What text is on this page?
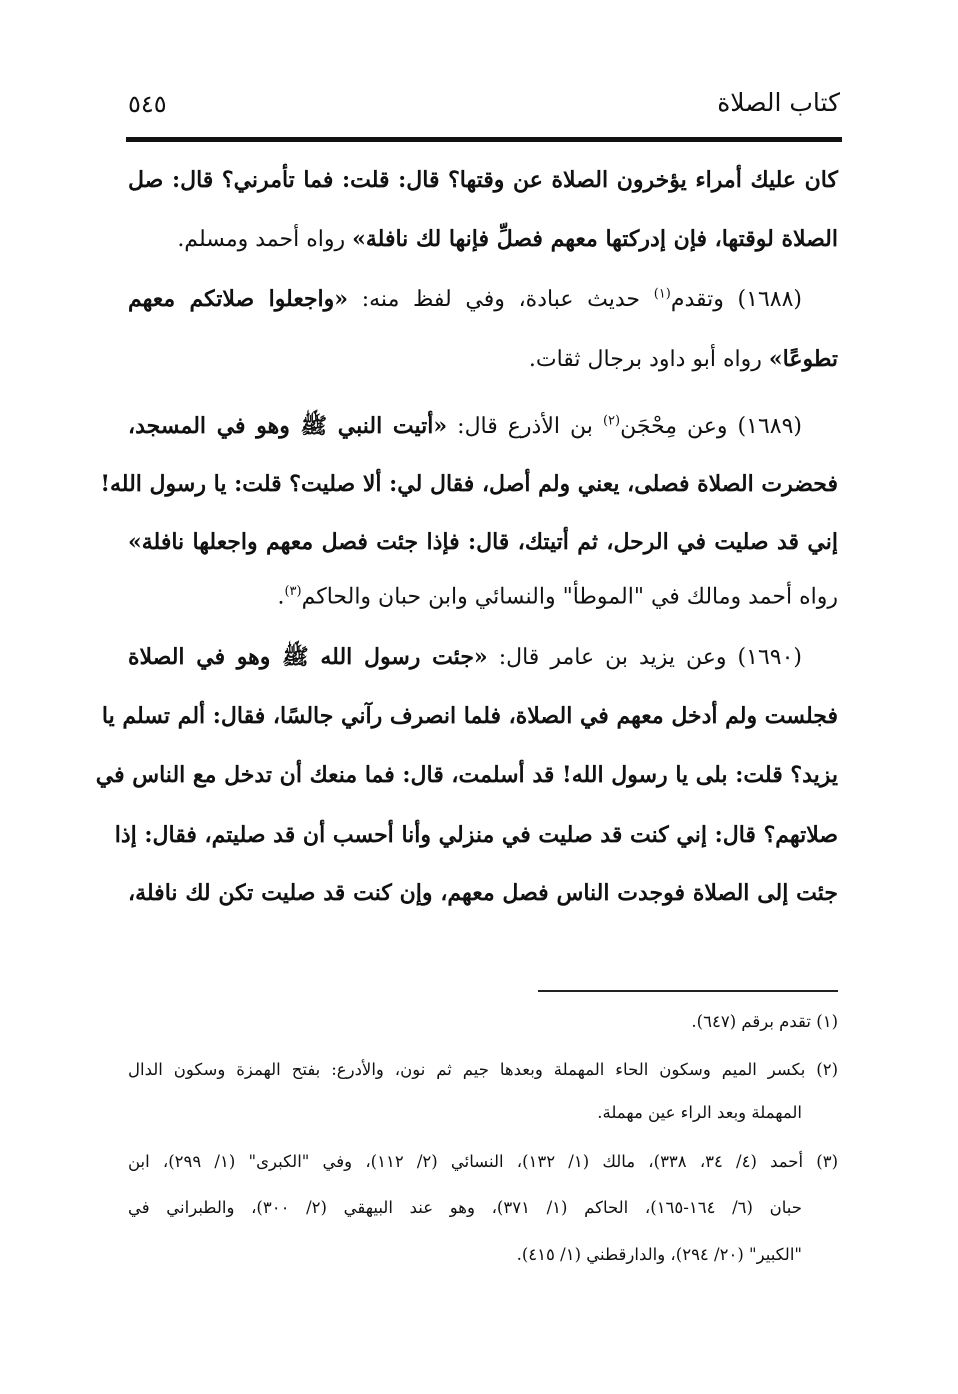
كتاب الصلاة
٥٤٥
كان عليك أمراء يؤخرون الصلاة عن وقتها؟ قال: قلت: فما تأمرني؟ قال: صل
الصلاة لوقتها، فإن إدركتها معهم فصلِّ فإنها لك نافلة» رواه أحمد ومسلم.
(١٦٨٨) وتقدم$^{(١)}$ حديث عبادة، وفي لفظ منه: «واجعلوا صلاتكم معهم
تطوعًا» رواه أبو داود برجال ثقات.
(١٦٨٩) وعن مِحْجَن$^{(٢)}$ بن الأذرع قال: «أتيت النبي ﷺ وهو في المسجد،
فحضرت الصلاة فصلى، يعني ولم أصل، فقال لي: ألا صليت؟ قلت: يا رسول الله!
إني قد صليت في الرحل، ثم أتيتك، قال: فإذا جئت فصل معهم واجعلها نافلة»
رواه أحمد ومالك في "الموطأ" والنسائي وابن حبان والحاكم$^{(٣)}$.
(١٦٩٠) وعن يزيد بن عامر قال: «جئت رسول الله ﷺ وهو في الصلاة
فجلست ولم أدخل معهم في الصلاة، فلما انصرف رآني جالسًا، فقال: ألم تسلم يا
يزيد؟ قلت: بلى يا رسول الله! قد أسلمت، قال: فما منعك أن تدخل مع الناس في
صلاتهم؟ قال: إني كنت قد صليت في منزلي وأنا أحسب أن قد صليتم، فقال: إذا
جئت إلى الصلاة فوجدت الناس فصل معهم، وإن كنت قد صليت تكن لك نافلة،
(١) تقدم برقم (٦٤٧).
(٢) بكسر الميم وسكون الحاء المهملة وبعدها جيم ثم نون، والأدرع: بفتح الهمزة وسكون الدال
المهملة وبعد الراء عين مهملة.
(٣) أحمد (٤/ ٣٤، ٣٣٨)، مالك (١/ ١٣٢)، النسائي (٢/ ١١٢)، وفي "الكبرى" (١/ ٢٩٩)، ابن
حبان (٦/ ١٦٤-١٦٥)، الحاكم (١/ ٣٧١)، وهو عند البيهقي (٢/ ٣٠٠)، والطبراني في
"الكبير" (٢٠/ ٢٩٤)، والدارقطني (١/ ٤١٥).
